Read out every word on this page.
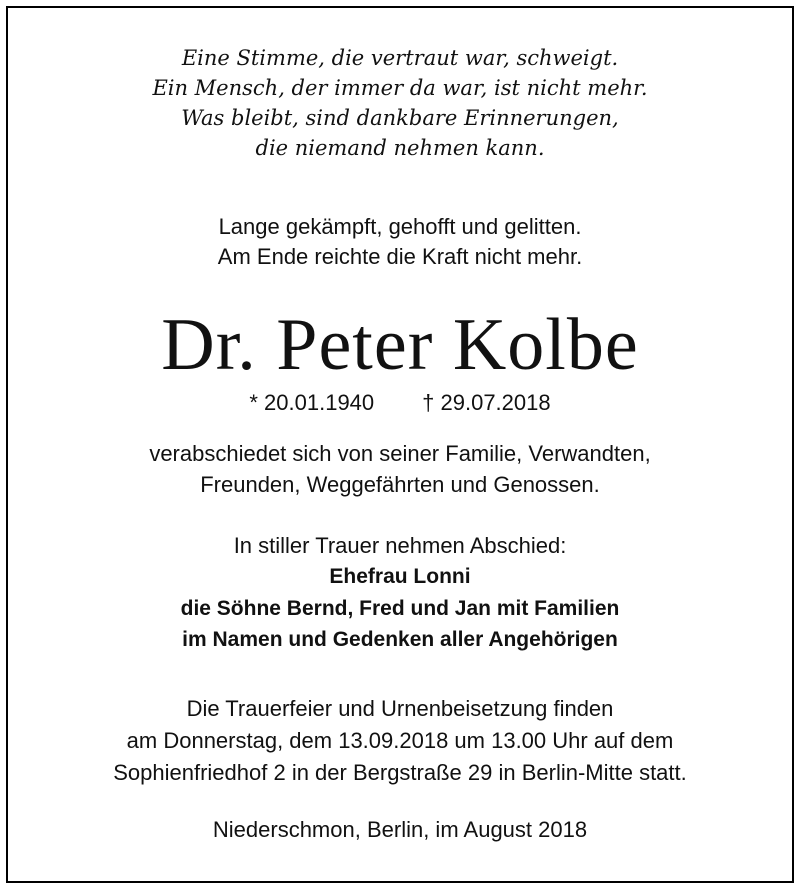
Eine Stimme, die vertraut war, schweigt.

Ein Mensch, der immer da war, ist nicht mehr.

Was bleibt, sind dankbare Erinnerungen,

die niemand nehmen kann.

Lange gekämpft, gehofft und gelitten.

Am Ende reichte die Kraft nicht mehr.

Dr. Peter Kolbe

* 20.01.1940 † 29.07.2018

verabschiedet sich von seiner Familie, Verwandten,

Freunden, Weggefährten und Genossen.

In stiller Trauer nehmen Abschied:

Ehefrau Lonni

die Söhne Bernd, Fred und Jan mit Familien

im Namen und Gedenken aller Angehörigen

Die Trauerfeier und Urnenbeisetzung finden

am Donnerstag, dem 13.09.2018 um 13.00 Uhr auf dem

Sophienfriedhof 2 in der Bergstraße 29 in Berlin-Mitte statt.

Niederschmon, Berlin, im August 2018
